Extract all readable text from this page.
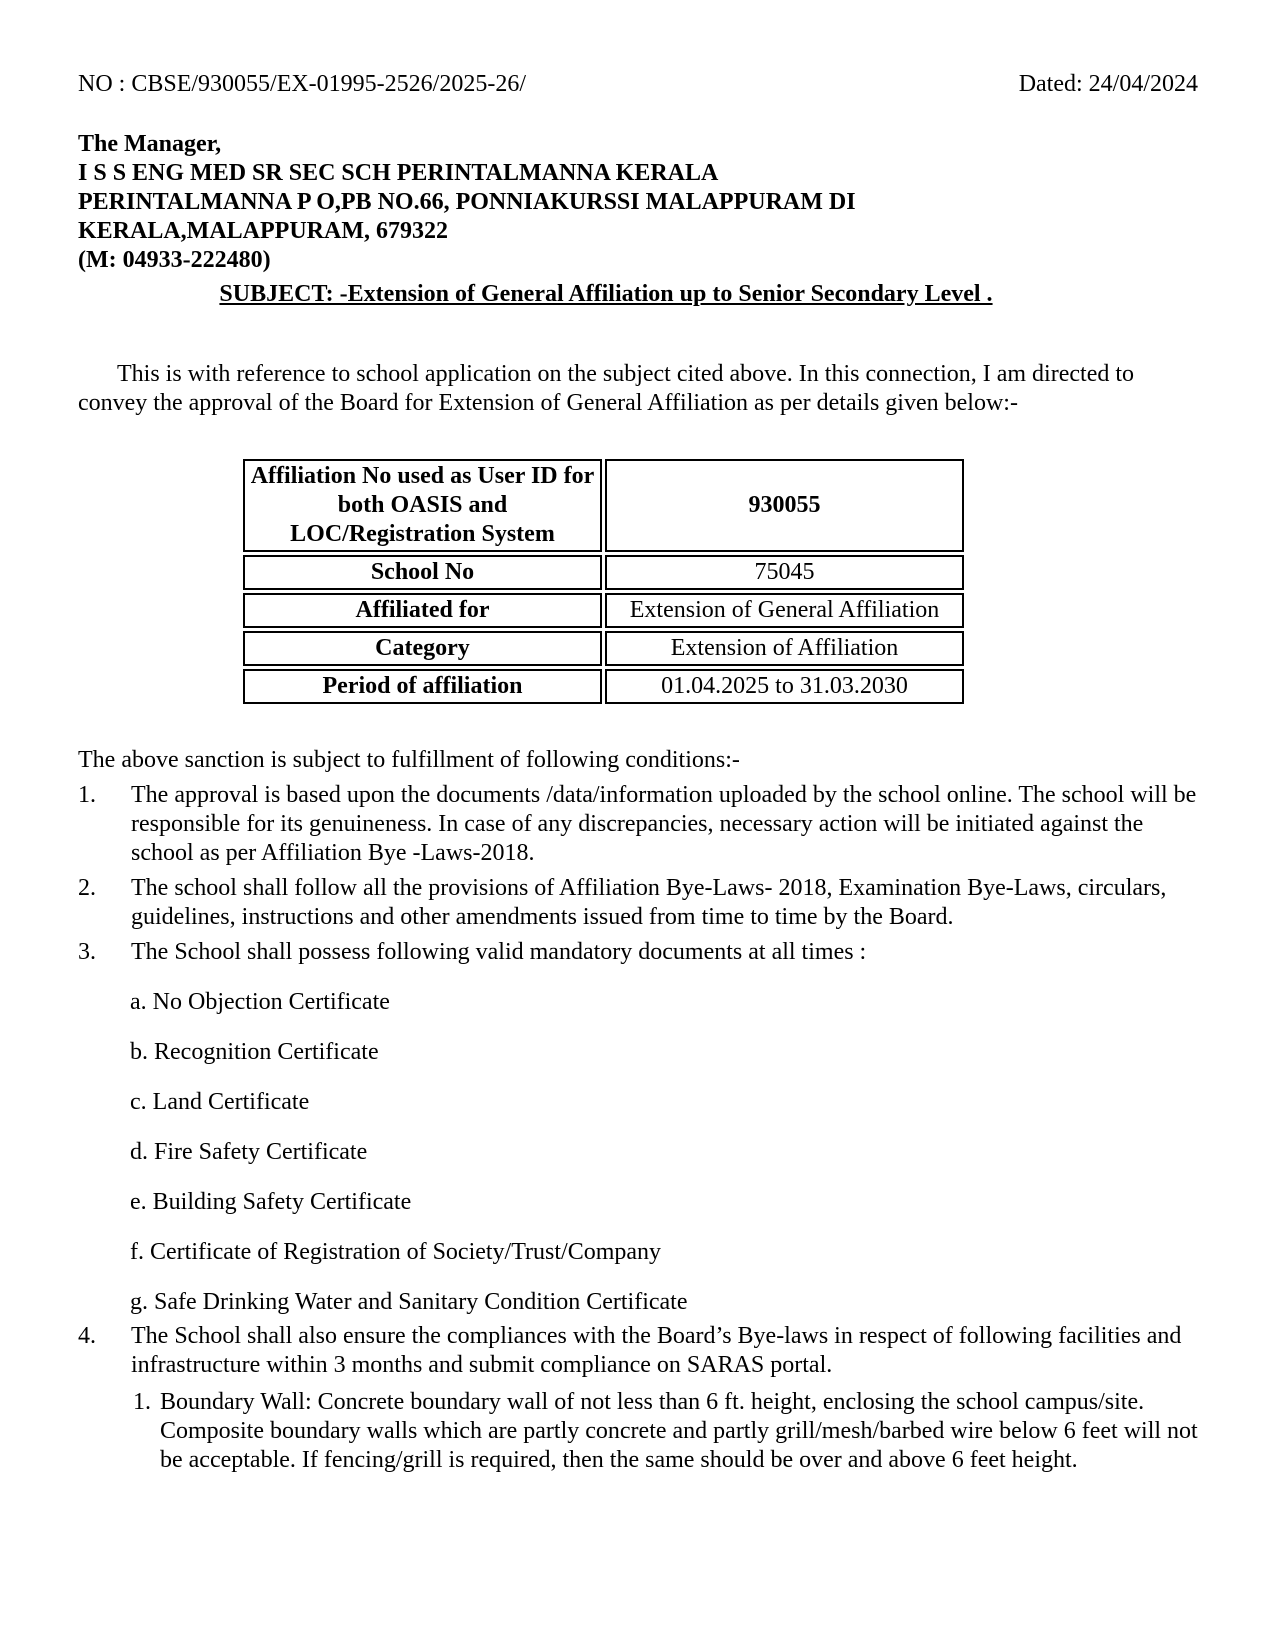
NO : CBSE/930055/EX-01995-2526/2025-26/	Dated: 24/04/2024
The Manager,
I S S ENG MED SR SEC SCH PERINTALMANNA KERALA
PERINTALMANNA P O,PB NO.66, PONNIAKURSSI MALAPPURAM DI
KERALA,MALAPPURAM, 679322
(M: 04933-222480)
SUBJECT: -Extension of General Affiliation up to Senior Secondary Level .

This is with reference to school application on the subject cited above. In this connection, I am directed to convey the approval of the Board for Extension of General Affiliation as per details given below:-

Affiliation No used as User ID for
both OASIS and
LOC/Registration System	930055
School No	75045
Affiliated for	Extension of General Affiliation
Category	Extension of Affiliation
Period of affiliation	01.04.2025 to 31.03.2030

The above sanction is subject to fulfillment of following conditions:-

1.	The approval is based upon the documents /data/information uploaded by the school online. The school will be responsible for its genuineness. In case of any discrepancies, necessary action will be initiated against the school as per Affiliation Bye -Laws-2018.
2.	The school shall follow all the provisions of Affiliation Bye-Laws- 2018, Examination Bye-Laws, circulars, guidelines, instructions and other amendments issued from time to time by the Board.
3.	The School shall possess following valid mandatory documents at all times :
a. No Objection Certificate
b. Recognition Certificate
c. Land Certificate
d. Fire Safety Certificate
e. Building Safety Certificate
f. Certificate of Registration of Society/Trust/Company
g. Safe Drinking Water and Sanitary Condition Certificate
4.	The School shall also ensure the compliances with the Board’s Bye-laws in respect of following facilities and infrastructure within 3 months and submit compliance on SARAS portal.
1. Boundary Wall: Concrete boundary wall of not less than 6 ft. height, enclosing the school campus/site. Composite boundary walls which are partly concrete and partly grill/mesh/barbed wire below 6 feet will not be acceptable. If fencing/grill is required, then the same should be over and above 6 feet height.
